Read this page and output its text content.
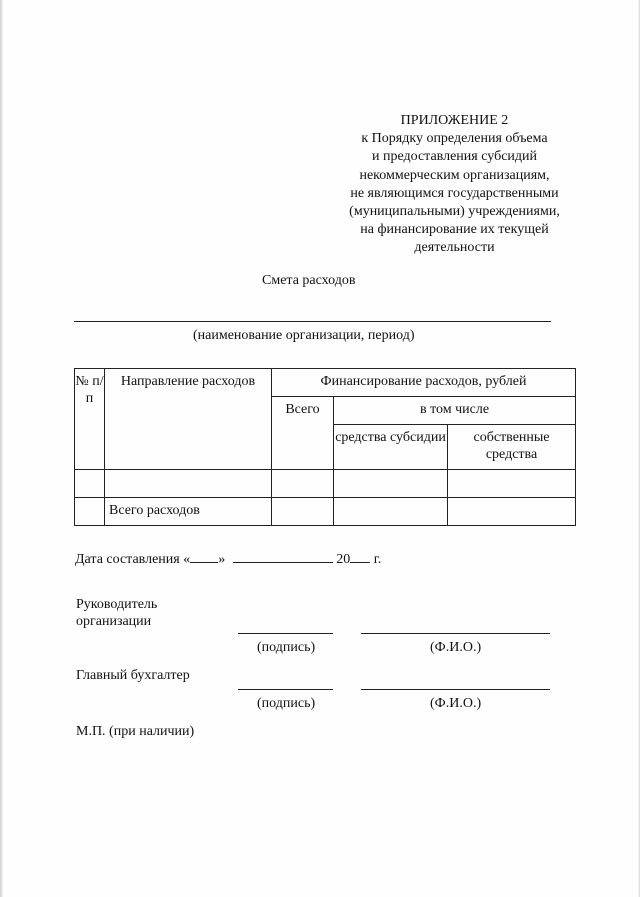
ПРИЛОЖЕНИЕ 2
к Порядку определения объема
и предоставления субсидий
некоммерческим организациям,
не являющимся государственными
(муниципальными) учреждениями,
на финансирование их текущей
деятельности
Смета расходов
(наименование организации, период)
№ п/п	Направление расходов	Финансирование расходов, рублей		
		Всего	в том числе	
			средства субсидии	собственные средства

	Всего расходов			
Дата составления « »	20 г.
Руководитель
организации
(подпись)	(Ф.И.О.)
Главный бухгалтер
(подпись)	(Ф.И.О.)
М.П. (при наличии)
